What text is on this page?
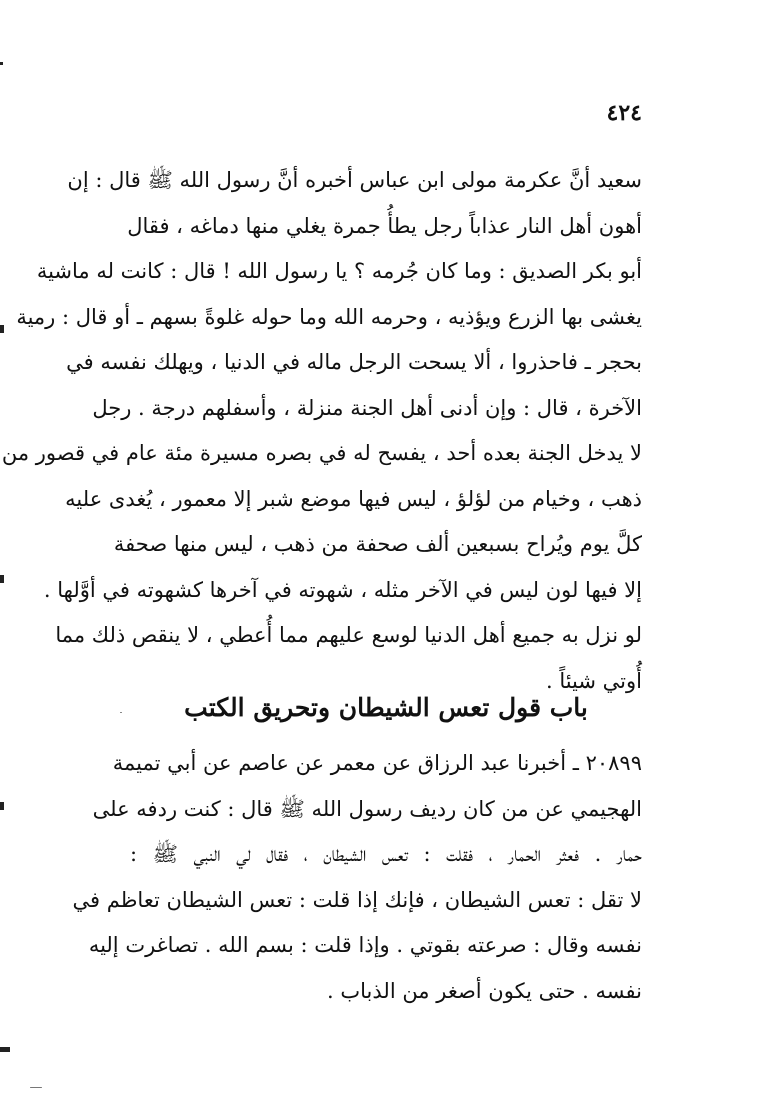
٤٢٤
سعيد أنَّ عكرمة مولى ابن عباس أخبره أنَّ رسول الله ﷺ قال : إن
أهون أهل النار عذاباً رجل يطأُ جمرة يغلي منها دماغه ، فقال
أبو بكر الصديق : وما كان جُرمه ؟ يا رسول الله ! قال : كانت له ماشية
يغشى بها الزرع ويؤذيه ، وحرمه الله وما حوله غلوةً بسهم ـ أو قال : رمية
بحجر ـ فاحذروا ، ألا يسحت الرجل ماله في الدنيا ، ويهلك نفسه في
الآخرة ، قال : وإن أدنى أهل الجنة منزلة ، وأسفلهم درجة . رجل
لا يدخل الجنة بعده أحد ، يفسح له في بصره مسيرة مئة عام في قصور من
ذهب ، وخيام من لؤلؤ ، ليس فيها موضع شبر إلا معمور ، يُغدى عليه
كلَّ يوم ويُراح بسبعين ألف صحفة من ذهب ، ليس منها صحفة
إلا فيها لون ليس في الآخر مثله ، شهوته في آخرها كشهوته في أوَّلها .
لو نزل به جميع أهل الدنيا لوسع عليهم مما أُعطي ، لا ينقص ذلك مما
أُوتي شيئاً .
باب قول تعس الشيطان وتحريق الكتب
٢٠٨٩٩ ـ أخبرنا عبد الرزاق عن معمر عن عاصم عن أبي تميمة
الهجيمي عن من كان رديف رسول الله ﷺ قال : كنت ردفه على
حمار . فعثر الحمار ، فقلت : تعس الشيطان ، فقال لي النبي ﷺ :
لا تقل : تعس الشيطان ، فإنك إذا قلت : تعس الشيطان تعاظم في
نفسه وقال : صرعته بقوتي . وإذا قلت : بسم الله . تصاغرت إليه
نفسه . حتى يكون أصغر من الذباب .
